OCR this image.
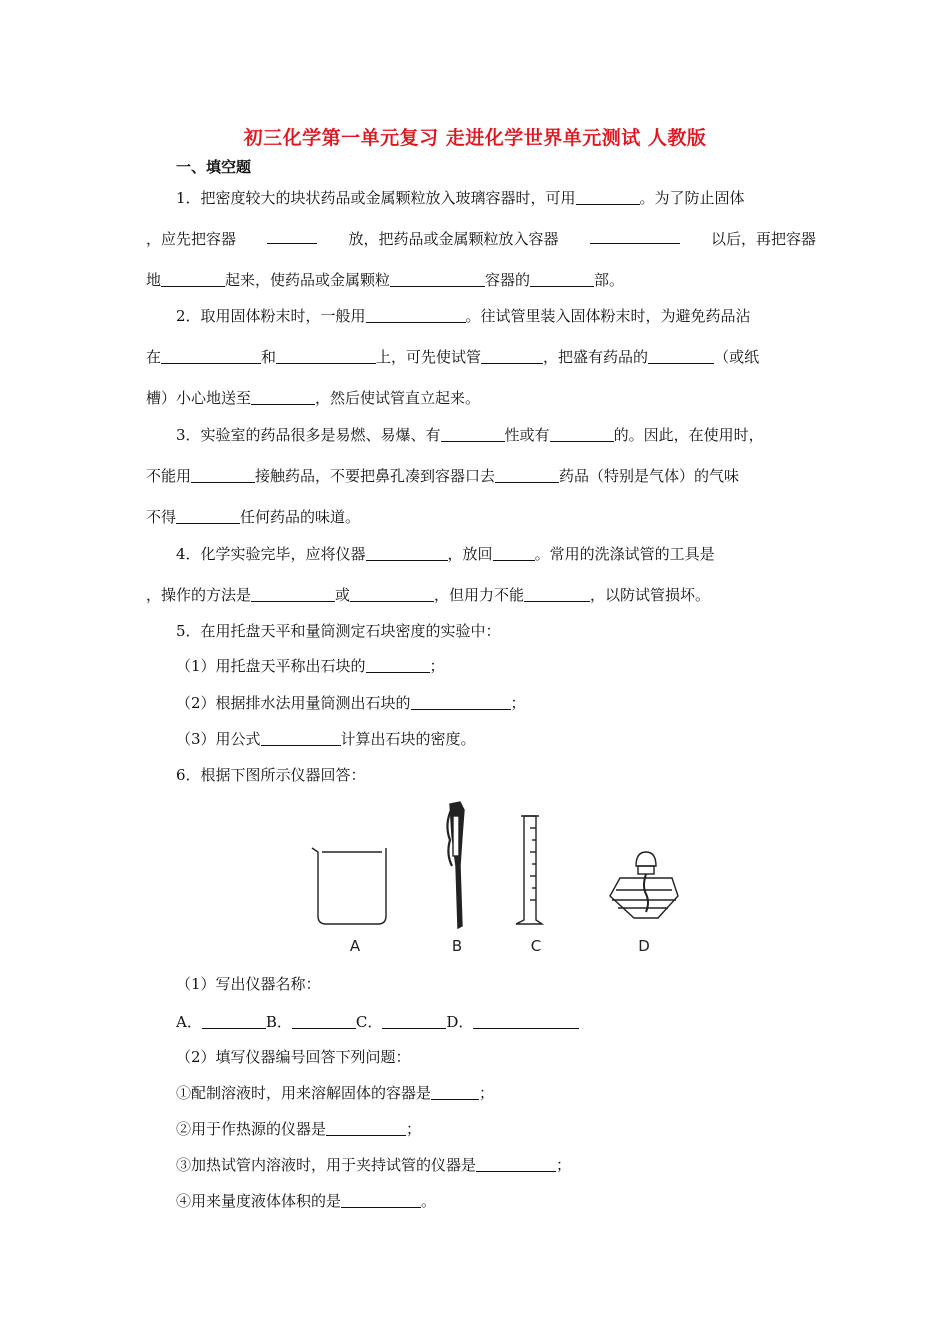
初三化学第一单元复习 走进化学世界单元测试 人教版
一、填空题
1．把密度较大的块状药品或金属颗粒放入玻璃容器时，可用	。为了防止固体
，应先把容器	放，把药品或金属颗粒放入容器	以后，再把容器
地	起来，使药品或金属颗粒	容器的	部。
2．取用固体粉末时，一般用	。往试管里装入固体粉末时，为避免药品沾
在	和	上，可先使试管	，把盛有药品的	（或纸
槽）小心地送至	，然后使试管直立起来。
3．实验室的药品很多是易燃、易爆、有	性或有	的。因此，在使用时，
不能用	接触药品，不要把鼻孔凑到容器口去	药品（特别是气体）的气味
不得	任何药品的味道。
4．化学实验完毕，应将仪器	，放回	。常用的洗涤试管的工具是
，操作的方法是	或	，但用力不能	，以防试管损坏。
5．在用托盘天平和量筒测定石块密度的实验中：
（1）用托盘天平称出石块的	；
（2）根据排水法用量筒测出石块的	；
（3）用公式	计算出石块的密度。
6．根据下图所示仪器回答：
A	B	C	D
（1）写出仪器名称：
A．	B．	C．	D．
（2）填写仪器编号回答下列问题：
①配制溶液时，用来溶解固体的容器是	；
②用于作热源的仪器是	；
③加热试管内溶液时，用于夹持试管的仪器是	；
④用来量度液体体积的是	。
